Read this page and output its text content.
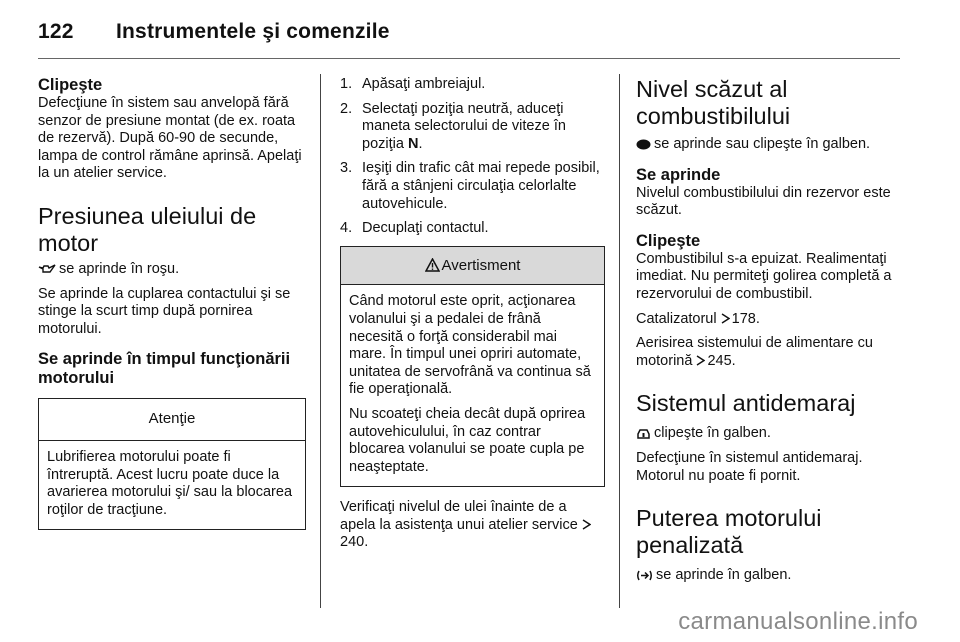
122 Instrumentele şi comenzile

Clipeşte

Defecţiune în sistem sau anvelopă fără senzor de presiune montat (de ex. roata de rezervă). După 60-90 de secunde, lampa de control rămâne aprinsă. Apelaţi la un atelier service.

Presiunea uleiului de motor

se aprinde în roşu.

Se aprinde la cuplarea contactului şi se stinge la scurt timp după pornirea motorului.

Se aprinde în timpul funcţionării motorului

Atenţie

Lubrifierea motorului poate fi întreruptă. Acest lucru poate duce la avarierea motorului şi/ sau la blocarea roţilor de tracţiune.

1. Apăsaţi ambreiajul.
2. Selectaţi poziţia neutră, aduceţi maneta selectorului de viteze în poziţia N.
3. Ieşiţi din trafic cât mai repede posibil, fără a stânjeni circulaţia celorlalte autovehicule.
4. Decuplaţi contactul.
Avertisment

Când motorul este oprit, acţionarea volanului şi a pedalei de frână necesită o forţă considerabil mai mare. În timpul unei opriri automate, unitatea de servofrână va continua să fie operaţională.

Nu scoateţi cheia decât după oprirea autovehiculului, în caz contrar blocarea volanului se poate cupla pe neaşteptate.

Verificaţi nivelul de ulei înainte de a apela la asistenţa unui atelier service 240.

Nivel scăzut al combustibilului

se aprinde sau clipeşte în galben.

Se aprinde

Nivelul combustibilului din rezervor este scăzut.

Clipeşte

Combustibilul s-a epuizat. Realimentaţi imediat. Nu permiteţi golirea completă a rezervorului de combustibil.

Catalizatorul 178.

Aerisirea sistemului de alimentare cu motorină 245.

Sistemul antidemaraj

clipeşte în galben.

Defecţiune în sistemul antidemaraj. Motorul nu poate fi pornit.

Puterea motorului penalizată

se aprinde în galben.

carmanualsonline.info
